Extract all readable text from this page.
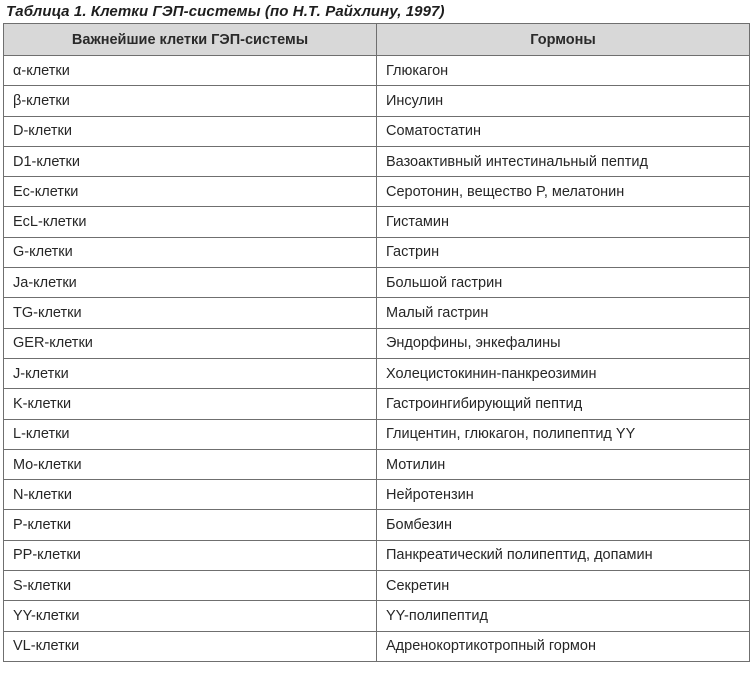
Таблица 1. Клетки ГЭП-системы (по Н.Т. Райхлину, 1997)
Важнейшие клетки ГЭП-системы	Гормоны
α-клетки	Глюкагон
β-клетки	Инсулин
D-клетки	Соматостатин
D1-клетки	Вазоактивный интестинальный пептид
Ec-клетки	Серотонин, вещество P, мелатонин
EcL-клетки	Гистамин
G-клетки	Гастрин
Ja-клетки	Большой гастрин
TG-клетки	Малый гастрин
GER-клетки	Эндорфины, энкефалины
J-клетки	Холецистокинин-панкреозимин
K-клетки	Гастроингибирующий пептид
L-клетки	Глицентин, глюкагон, полипептид YY
Mo-клетки	Мотилин
N-клетки	Нейротензин
P-клетки	Бомбезин
PP-клетки	Панкреатический полипептид, допамин
S-клетки	Секретин
YY-клетки	YY-полипептид
VL-клетки	Адренокортикотропный гормон
